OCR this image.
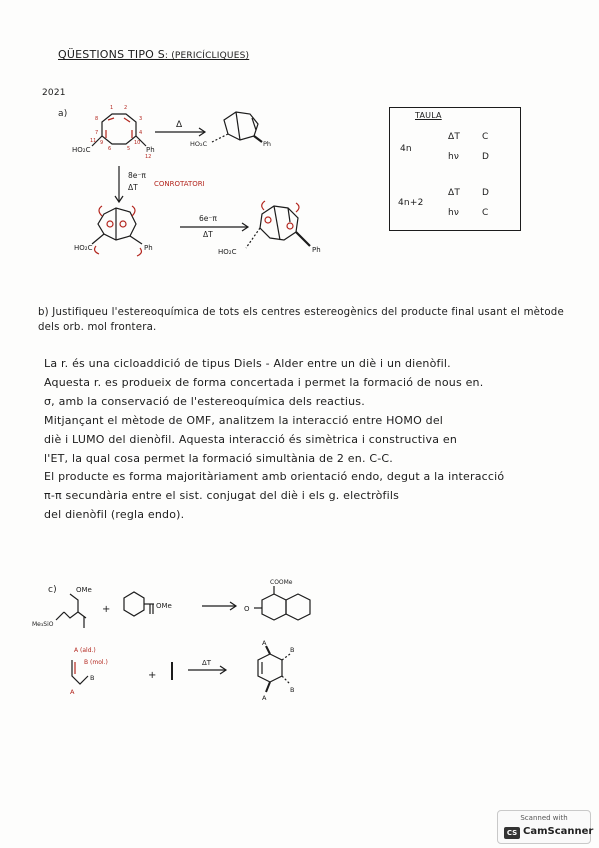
QÜESTIONS TIPO S: (PERICÍCLIQUES)
2021
a)
HO₂C	Ph
1 2
3
4
5
6
7
8
9	10
11
12
Δ
HO₂C	Ph
8e⁻π
ΔT CONROTATORI
HO₂C	Ph
6e⁻π
ΔT
HO₂C	Ph
OMe
Me₃SiO
+	OMe
COOMe
O
A (ald.)
B (mol.)
B
A
+
ΔT
A
B
A
B
TAULA
4n
ΔT C
hν	D
4n+2
ΔT D
hν	C
b) Justifiqueu l'estereoquímica de tots els centres estereogènics del producte final usant el mètode dels orb. mol frontera.
La r. és una cicloaddició de tipus Diels - Alder entre un diè i un dienòfil.
Aquesta r. es produeix de forma concertada i permet la formació de nous en.
σ, amb la conservació de l'estereoquímica dels reactius.
Mitjançant el mètode de OMF, analitzem la interacció entre HOMO del
diè i LUMO del dienòfil. Aquesta interacció és simètrica i constructiva en
l'ET, la qual cosa permet la formació simultània de 2 en. C-C.
El producte es forma majoritàriament amb orientació endo, degut a la interacció
π-π secundària entre el sist. conjugat del diè i els g. electròfils
del dienòfil (regla endo).
c)
Scanned with
CS CamScanner
